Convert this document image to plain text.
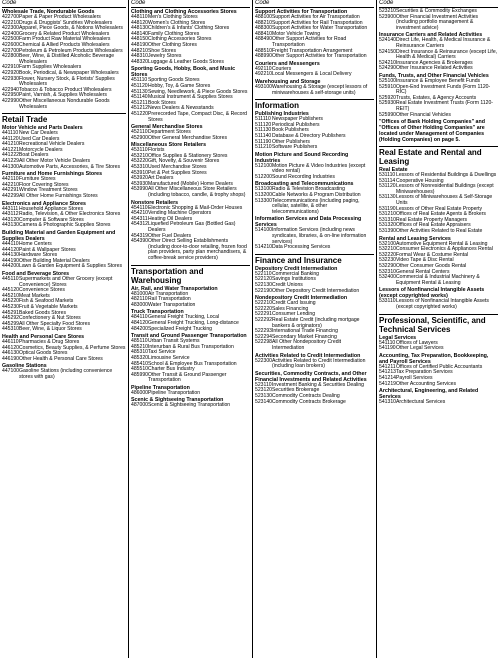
Code
Wholesale Trade, Nondurable Goods
422700 Paper & Paper Product Wholesalers
422210 Drugs & Druggists' Sundries Wholesalers
422300 Apparel, Piece Goods, & Notions Wholesalers
422400 Grocery & Related Product Wholesalers
422500 Farm Product Raw Material Wholesalers
422600 Chemical & Allied Products Wholesalers
422700 Petroleum & Petroleum Products Wholesalers
422800 Beer, Wine, & Distilled Alcoholic Beverage Wholesalers
422910 Farm Supplies Wholesalers
422920 Book, Periodical, & Newspaper Wholesalers
422930 Flower, Nursery Stock, & Florists' Supplies Wholesalers
422940 Tobacco & Tobacco Product Wholesalers
422950 Paint, Varnish, & Supplies Wholesalers
422990 Other Miscellaneous Nondurable Goods Wholesalers
Retail Trade
Motor Vehicle and Parts Dealers
441110 New Car Dealers
441120 Used Car Dealers
441210 Recreational Vehicle Dealers
441221 Motorcycle Dealers
441222 Boat Dealers
441229 All Other Motor Vehicle Dealers
441300 Automotive Parts, Accessories, & Tire Stores
Furniture and Home Furnishings Stores
442110 Furniture Stores
442210 Floor Covering Stores
442291 Window Treatment Stores
442299 All Other Home Furnishings Stores
Electronics and Appliance Stores
443111 Household Appliance Stores
443112 Radio, Television, & Other Electronics Stores
443120 Computer & Software Stores
443130 Camera & Photographic Supplies Stores
Building Material and Garden Equipment and Supplies Dealers
444110 Home Centers
444120 Paint & Wallpaper Stores
444130 Hardware Stores
444190 Other Building Material Dealers
444200 Lawn & Garden Equipment & Supplies Stores
Food and Beverage Stores
445110 Supermarkets and Other Grocery (except Convenience) Stores
445120 Convenience Stores
445210 Meat Markets
445220 Fish & Seafood Markets
445230 Fruit & Vegetable Markets
445291 Baked Goods Stores
445292 Confectionery & Nut Stores
445299 All Other Specialty Food Stores
445310 Beer, Wine, & Liquor Stores
Health and Personal Care Stores
446110 Pharmacies & Drug Stores
446120 Cosmetics, Beauty Supplies, & Perfume Stores
446130 Optical Goods Stores
446190 Other Health & Personal Care Stores
Gasoline Stations
447100 Gasoline Stations (including convenience stores with gas)
Code
Clothing and Clothing Accessories Stores
448110 Men's Clothing Stores
448120 Women's Clothing Stores
448130 Children's & Infants' Clothing Stores
448140 Family Clothing Stores
448150 Clothing Accessories Stores
448190 Other Clothing Stores
448210 Shoe Stores
448310 Jewelry Stores
448320 Luggage & Leather Goods Stores
Sporting Goods, Hobby, Book, and Music Stores
451110 Sporting Goods Stores
451120 Hobby, Toy, & Game Stores
451130 Sewing, Needlework, & Piece Goods Stores
451140 Musical Instrument & Supplies Stores
451211 Book Stores
451212 News Dealers & Newsstands
451220 Prerecorded Tape, Compact Disc, & Record Stores
General Merchandise Stores
452110 Department Stores
452900 Other General Merchandise Stores
Miscellaneous Store Retailers
453110 Florists
453210 Office Supplies & Stationery Stores
453220 Gift, Novelty, & Souvenir Stores
453310 Used Merchandise Stores
453910 Pet & Pet Supplies Stores
453920 Art Dealers
453930 Manufactured (Mobile) Home Dealers
453990 All Other Miscellaneous Store Retailers (including tobacco, candle, & trophy shops)
Nonstore Retailers
454110 Electronic Shopping & Mail-Order Houses
454210 Vending Machine Operators
454311 Heating Oil Dealers
454312 Liquefied Petroleum Gas (Bottled Gas) Dealers
454319 Other Fuel Dealers
454390 Other Direct Selling Establishments (including door-to-door retailing, frozen food plan providers, party plan merchandisers, & coffee-break service providers)
Transportation and Warehousing
Air, Rail, and Water Transportation
481000 Air Transportation
482110 Rail Transportation
483000 Water Transportation
Truck Transportation
484110 General Freight Trucking, Local
484120 General Freight Trucking, Long-distance
484200 Specialized Freight Trucking
Transit and Ground Passenger Transportation
485110 Urban Transit Systems
485210 Interurban & Rural Bus Transportation
485310 Taxi Service
485320 Limousine Service
485410 School & Employee Bus Transportation
485510 Charter Bus Industry
485990 Other Transit & Ground Passenger Transportation
Pipeline Transportation
486000 Pipeline Transportation
Scenic & Sightseeing Transportation
487000 Scenic & Sightseeing Transportation
Code
Support Activities for Transportation
488100 Support Activities for Air Transportation
488210 Support Activities for Rail Transportation
488300 Support Activities for Water Transportation
488410 Motor Vehicle Towing
488490 Other Support Activities for Road Transportation
488510 Freight Transportation Arrangement
488990 Other Support Activities for Transportation
Couriers and Messengers
492110 Couriers
492210 Local Messengers & Local Delivery
Warehousing and Storage
493100 Warehousing & Storage (except lessors of miniwarehouses & self-storage units)
Information
Publishing Industries
511110 Newspaper Publishers
511120 Periodical Publishers
511130 Book Publishers
511140 Database & Directory Publishers
511190 Other Publishers
511210 Software Publishers
Motion Picture and Sound Recording Industries
512100 Motion Picture & Video Industries (except video rental)
512200 Sound Recording Industries
Broadcasting and Telecommunications
513100 Radio & Television Broadcasting
513200 Cable Networks & Program Distribution
513300 Telecommunications (including paging, cellular, satellite, & other telecommunications)
Information Services and Data Processing Services
514100 Information Services (including news syndicates, libraries, & on-line information services)
514210 Data Processing Services
Finance and Insurance
Depository Credit Intermediation
522110 Commercial Banking
522120 Savings Institutions
522130 Credit Unions
522190 Other Depository Credit Intermediation
Nondepository Credit Intermediation
522210 Credit Card Issuing
522220 Sales Financing
522291 Consumer Lending
522292 Real Estate Credit (including mortgage bankers & originators)
522293 International Trade Financing
522294 Secondary Market Financing
522298 All Other Nondepository Credit Intermediation
Activities Related to Credit Intermediation
522300 Activities Related to Credit Intermediation (including loan brokers)
Securities, Commodity Contracts, and Other Financial Investments and Related Activities
523110 Investment Banking & Securities Dealing
523120 Securities Brokerage
523130 Commodity Contracts Dealing
523140 Commodity Contracts Brokerage
Code
523210 Securities & Commodity Exchanges
523900 Other Financial Investment Activities (including portfolio management & investment advice)
Insurance Carriers and Related Activities
524140 Direct Life, Health, & Medical Insurance & Reinsurance Carriers
524150 Direct Insurance & Reinsurance (except Life, Health & Medical) Carriers
524210 Insurance Agencies & Brokerages
524290 Other Insurance Related Activities
Funds, Trusts, and Other Financial Vehicles
525100 Insurance & Employee Benefit Funds
525910 Open-End Investment Funds (Form 1120-RIC)
525920 Trusts, Estates, & Agency Accounts
525930 Real Estate Investment Trusts (Form 1120-REIT)
525990 Other Financial Vehicles
"Offices of Bank Holding Companies" and "Offices of Other Holding Companies" are located under Management of Companies (Holding Companies) on page 5.
Real Estate and Rental and Leasing
Real Estate
531110 Lessors of Residential Buildings & Dwellings
531114 Cooperative Housing
531120 Lessors of Nonresidential Buildings (except Miniwarehouses)
531130 Lessors of Miniwarehouses & Self-Storage Units
531190 Lessors of Other Real Estate Property
531210 Offices of Real Estate Agents & Brokers
531310 Real Estate Property Managers
531320 Offices of Real Estate Appraisers
531390 Other Activities Related to Real Estate
Rental and Leasing Services
532100 Automotive Equipment Rental & Leasing
532210 Consumer Electronics & Appliances Rental
532220 Formal Wear & Costume Rental
532230 Video Tape & Disc Rental
532290 Other Consumer Goods Rental
532310 General Rental Centers
532400 Commercial & Industrial Machinery & Equipment Rental & Leasing
Lessors of Nonfinancial Intangible Assets (except copyrighted works)
533110 Lessors of Nonfinancial Intangible Assets (except copyrighted works)
Professional, Scientific, and Technical Services
Legal Services
541110 Offices of Lawyers
541190 Other Legal Services
Accounting, Tax Preparation, Bookkeeping, and Payroll Services
541211 Offices of Certified Public Accountants
541213 Tax Preparation Services
541214 Payroll Services
541219 Other Accounting Services
Architectural, Engineering, and Related Services
541310 Architectural Services
